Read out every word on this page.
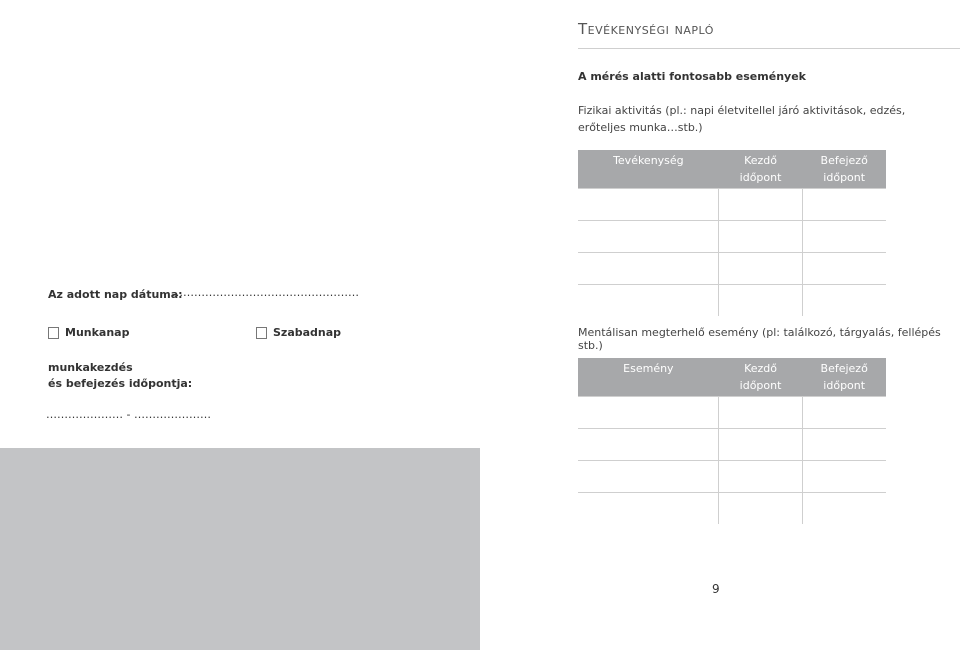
Tevékenységi napló
A mérés alatti fontosabb események
Fizikai aktivitás (pl.: napi életvitellel járó aktivitások, edzés, erőteljes munka…stb.)
Tevékenység	Kezdő időpont	Befejező időpont

Mentálisan megterhelő esemény (pl: találkozó, tárgyalás, fellépés stb.)
Esemény	Kezdő időpont	Befejező időpont

Az adott nap dátuma:
……………………………………………
Munkanap	Szabadnap
munkakezdés
és befejezés időpontja:
………………… - …………………
9
